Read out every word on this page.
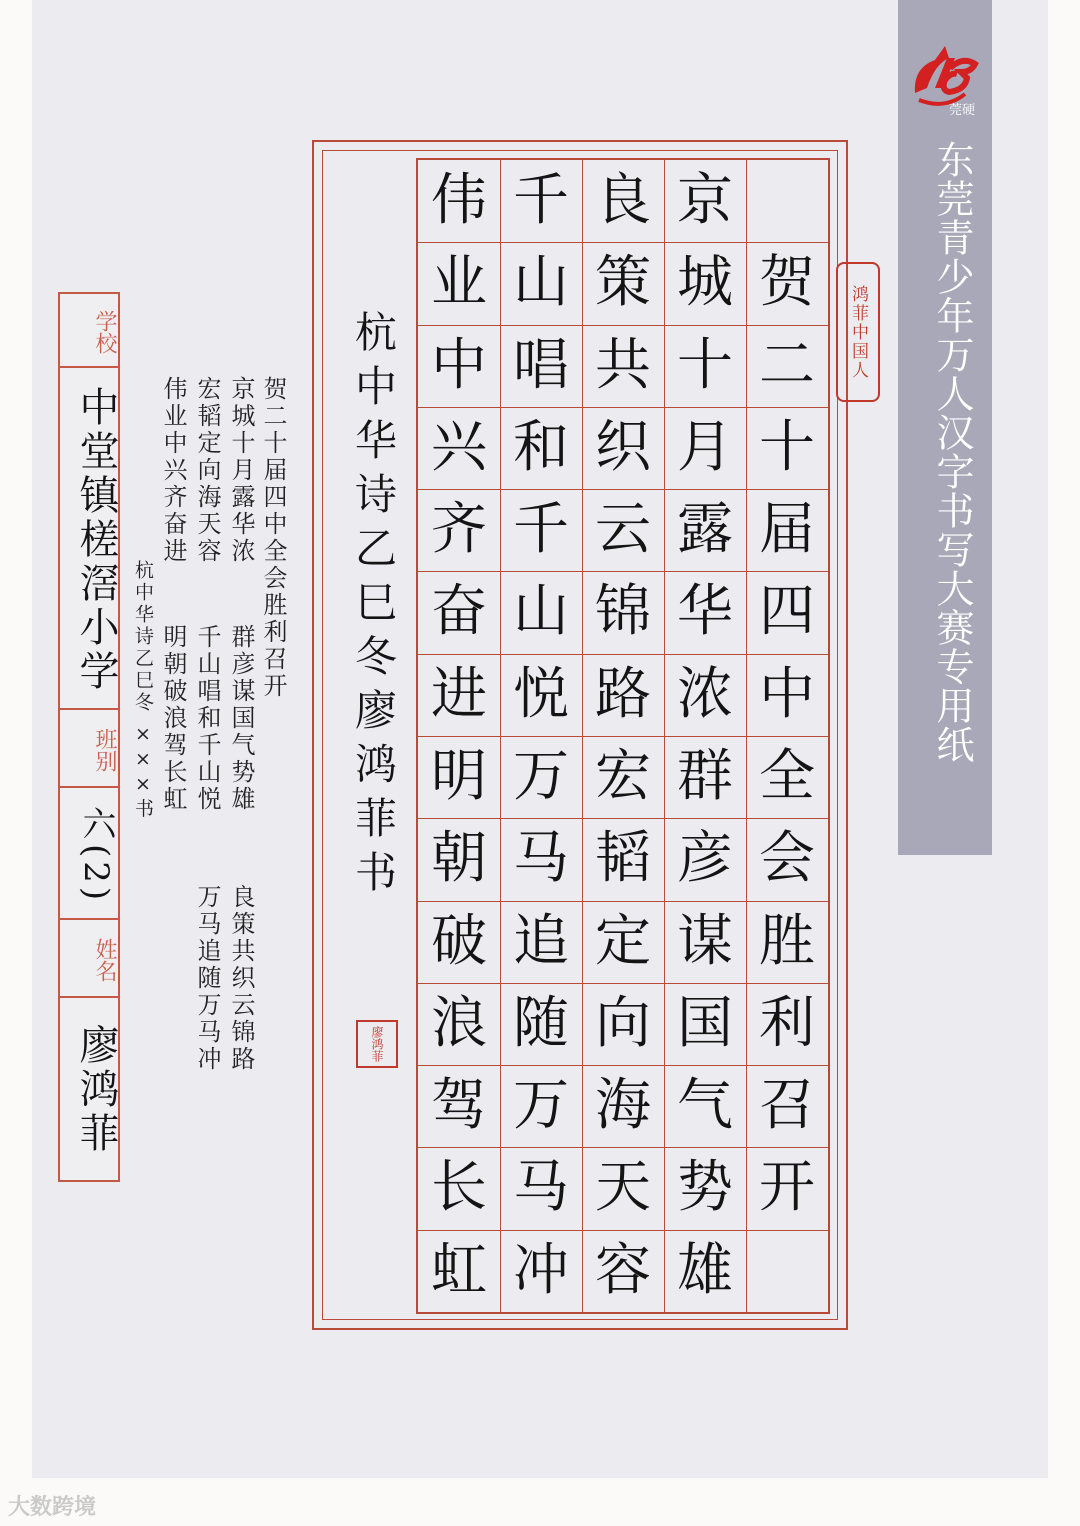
莞硬
东莞青少年万人汉字书写大赛专用纸
贺
二
十
届
四
中
全
会
胜
利
召
开
京
城
十
月
露
华
浓
群
彦
谋
国
气
势
雄
良
策
共
织
云
锦
路
宏
韬
定
向
海
天
容
千
山
唱
和
千
山
悦
万
马
追
随
万
马
冲
伟
业
中
兴
齐
奋
进
明
朝
破
浪
驾
长
虹
杭中华诗乙巳冬廖鸿菲书	鸿菲中国人
廖鸿菲
学校
中堂镇槎滘小学
班别
六(2)
姓名
廖鸿菲
贺二十届四中全会胜利召开
京城十月露华浓
群彦谋国气势雄
宏韬定向海天容
千山唱和千山悦
伟业中兴齐奋进
明朝破浪驾长虹
良策共织云锦路
万马追随万马冲
杭中华诗乙巳冬 ×××书
大数跨境
